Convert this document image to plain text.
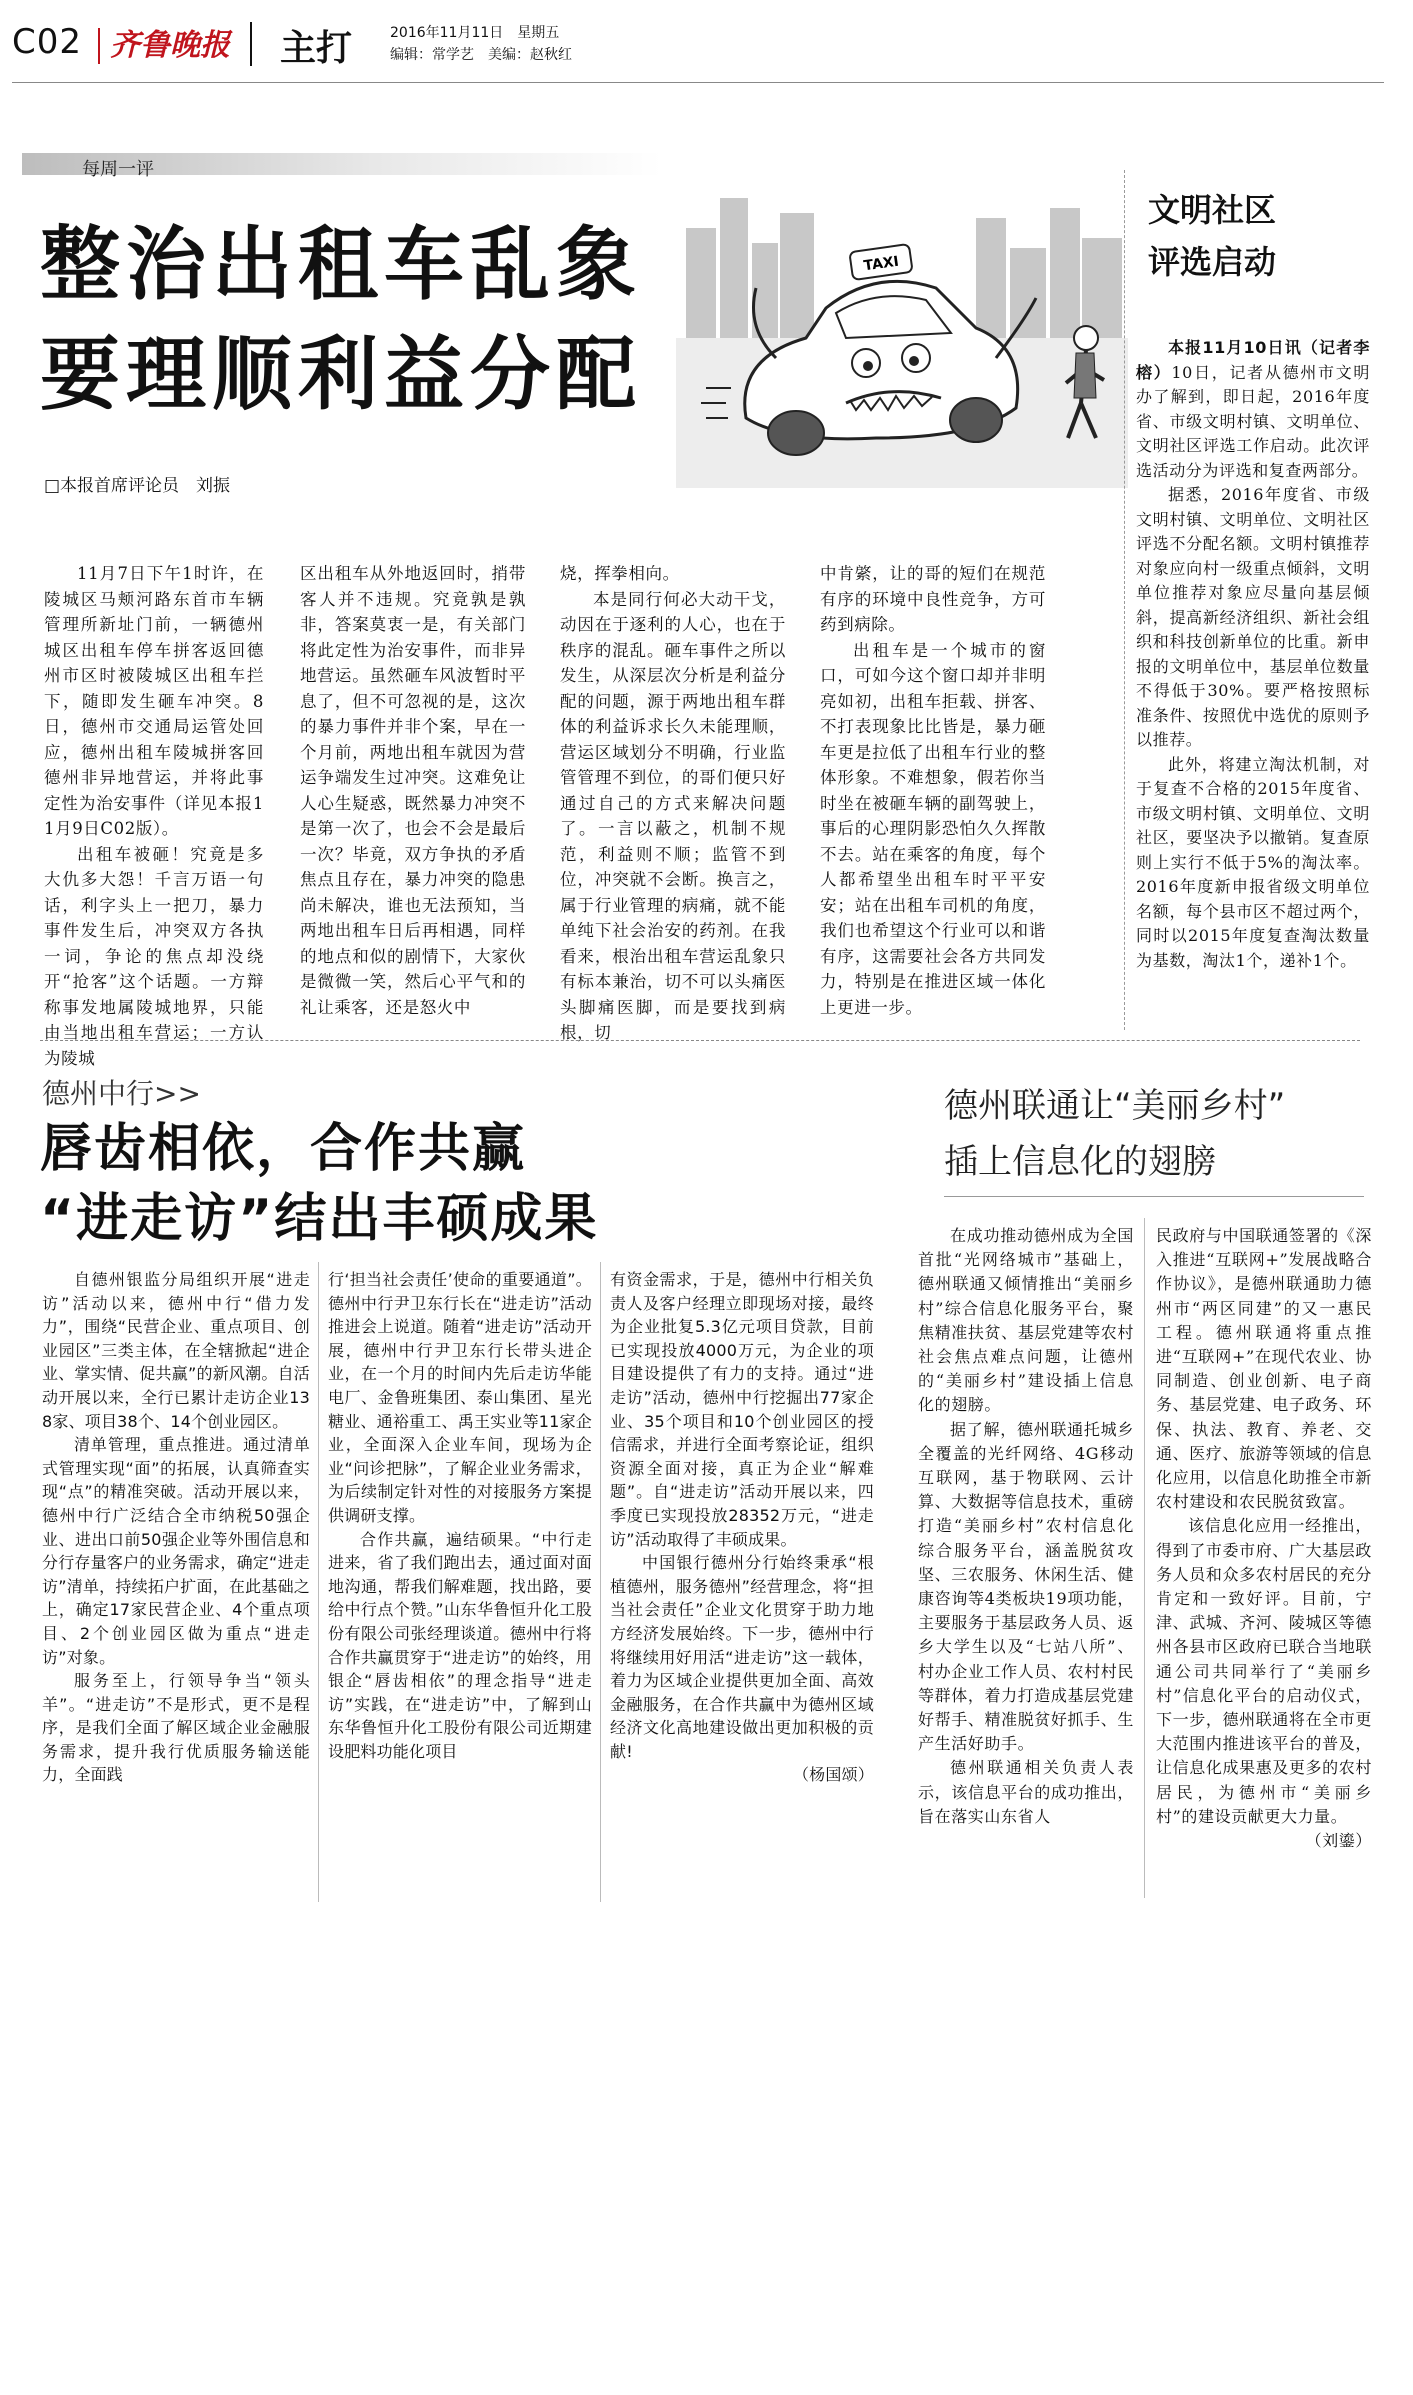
C02 齐鲁晚报 主打	2016年11月11日　星期五
编辑：常学艺　美编：赵秋红
每周一评
整治出租车乱象
要理顺利益分配
TAXI
□本报首席评论员　刘振

11月7日下午1时许，在陵城区马颊河路东首市车辆管理所新址门前，一辆德州城区出租车停车拼客返回德州市区时被陵城区出租车拦下，随即发生砸车冲突。8日，德州市交通局运管处回应，德州出租车陵城拼客回德州非异地营运，并将此事定性为治安事件（详见本报11月9日C02版）。

出租车被砸！究竟是多大仇多大怨！千言万语一句话，利字头上一把刀，暴力事件发生后，冲突双方各执一词，争论的焦点却没绕开“抢客”这个话题。一方辩称事发地属陵城地界，只能由当地出租车营运；一方认为陵城

区出租车从外地返回时，捎带客人并不违规。究竟孰是孰非，答案莫衷一是，有关部门将此定性为治安事件，而非异地营运。虽然砸车风波暂时平息了，但不可忽视的是，这次的暴力事件并非个案，早在一个月前，两地出租车就因为营运争端发生过冲突。这难免让人心生疑惑，既然暴力冲突不是第一次了，也会不会是最后一次？毕竟，双方争执的矛盾焦点且存在，暴力冲突的隐患尚未解决，谁也无法预知，当两地出租车日后再相遇，同样的地点和似的剧情下，大家伙是微微一笑，然后心平气和的礼让乘客，还是怒火中

烧，挥拳相向。

本是同行何必大动干戈，动因在于逐利的人心，也在于秩序的混乱。砸车事件之所以发生，从深层次分析是利益分配的问题，源于两地出租车群体的利益诉求长久未能理顺，营运区域划分不明确，行业监管管理不到位，的哥们便只好通过自己的方式来解决问题了。一言以蔽之，机制不规范，利益则不顺；监管不到位，冲突就不会断。换言之，属于行业管理的病痛，就不能单纯下社会治安的药剂。在我看来，根治出租车营运乱象只有标本兼治，切不可以头痛医头脚痛医脚，而是要找到病根，切

中肯綮，让的哥的短们在规范有序的环境中良性竞争，方可药到病除。

出租车是一个城市的窗口，可如今这个窗口却并非明亮如初，出租车拒载、拼客、不打表现象比比皆是，暴力砸车更是拉低了出租车行业的整体形象。不难想象，假若你当时坐在被砸车辆的副驾驶上，事后的心理阴影恐怕久久挥散不去。站在乘客的角度，每个人都希望坐出租车时平平安安；站在出租车司机的角度，我们也希望这个行业可以和谐有序，这需要社会各方共同发力，特别是在推进区域一体化上更进一步。

文明社区
评选启动

本报11月10日讯（记者李榕）10日，记者从德州市文明办了解到，即日起，2016年度省、市级文明村镇、文明单位、文明社区评选工作启动。此次评选活动分为评选和复查两部分。

据悉，2016年度省、市级文明村镇、文明单位、文明社区评选不分配名额。文明村镇推荐对象应向村一级重点倾斜，文明单位推荐对象应尽量向基层倾斜，提高新经济组织、新社会组织和科技创新单位的比重。新申报的文明单位中，基层单位数量不得低于30%。要严格按照标准条件、按照优中选优的原则予以推荐。

此外，将建立淘汰机制，对于复查不合格的2015年度省、市级文明村镇、文明单位、文明社区，要坚决予以撤销。复查原则上实行不低于5%的淘汰率。2016年度新申报省级文明单位名额，每个县市区不超过两个，同时以2015年度复查淘汰数量为基数，淘汰1个，递补1个。

德州中行>>
唇齿相依，合作共赢
“进走访”结出丰硕成果

自德州银监分局组织开展“进走访”活动以来，德州中行“借力发力”，围绕“民营企业、重点项目、创业园区”三类主体，在全辖掀起“进企业、掌实情、促共赢”的新风潮。自活动开展以来，全行已累计走访企业138家、项目38个、14个创业园区。

清单管理，重点推进。通过清单式管理实现“面”的拓展，认真筛查实现“点”的精准突破。活动开展以来，德州中行广泛结合全市纳税50强企业、进出口前50强企业等外围信息和分行存量客户的业务需求，确定“进走访”清单，持续拓户扩面，在此基础之上，确定17家民营企业、4个重点项目、2个创业园区做为重点“进走访”对象。

服务至上，行领导争当“领头羊”。“进走访”不是形式，更不是程序，是我们全面了解区域企业金融服务需求，提升我行优质服务输送能力，全面践

行‘担当社会责任’使命的重要通道”。德州中行尹卫东行长在“进走访”活动推进会上说道。随着“进走访”活动开展，德州中行尹卫东行长带头进企业，在一个月的时间内先后走访华能电厂、金鲁班集团、泰山集团、星光糖业、通裕重工、禹王实业等11家企业，全面深入企业车间，现场为企业“问诊把脉”，了解企业业务需求，为后续制定针对性的对接服务方案提供调研支撑。

合作共赢，遍结硕果。“中行走进来，省了我们跑出去，通过面对面地沟通，帮我们解难题，找出路，要给中行点个赞。”山东华鲁恒升化工股份有限公司张经理谈道。德州中行将合作共赢贯穿于“进走访”的始终，用银企“唇齿相依”的理念指导“进走访”实践，在“进走访”中，了解到山东华鲁恒升化工股份有限公司近期建设肥料功能化项目

有资金需求，于是，德州中行相关负责人及客户经理立即现场对接，最终为企业批复5.3亿元项目贷款，目前已实现投放4000万元，为企业的项目建设提供了有力的支持。通过“进走访”活动，德州中行挖掘出77家企业、35个项目和10个创业园区的授信需求，并进行全面考察论证，组织资源全面对接，真正为企业“解难题”。自“进走访”活动开展以来，四季度已实现投放28352万元，“进走访”活动取得了丰硕成果。

中国银行德州分行始终秉承“根植德州，服务德州”经营理念，将“担当社会责任”企业文化贯穿于助力地方经济发展始终。下一步，德州中行将继续用好用活“进走访”这一载体，着力为区域企业提供更加全面、高效金融服务，在合作共赢中为德州区域经济文化高地建设做出更加积极的贡献!

（杨国颂）
德州联通让“美丽乡村”
插上信息化的翅膀

在成功推动德州成为全国首批“光网络城市”基础上，德州联通又倾情推出“美丽乡村”综合信息化服务平台，聚焦精准扶贫、基层党建等农村社会焦点难点问题，让德州的“美丽乡村”建设插上信息化的翅膀。

据了解，德州联通托城乡全覆盖的光纤网络、4G移动互联网，基于物联网、云计算、大数据等信息技术，重磅打造“美丽乡村”农村信息化综合服务平台，涵盖脱贫攻坚、三农服务、休闲生活、健康咨询等4类板块19项功能，主要服务于基层政务人员、返乡大学生以及“七站八所”、村办企业工作人员、农村村民等群体，着力打造成基层党建好帮手、精准脱贫好抓手、生产生活好助手。

德州联通相关负责人表示，该信息平台的成功推出，旨在落实山东省人

民政府与中国联通签署的《深入推进“互联网+”发展战略合作协议》，是德州联通助力德州市“两区同建”的又一惠民工程。德州联通将重点推进“互联网+”在现代农业、协同制造、创业创新、电子商务、基层党建、电子政务、环保、执法、教育、养老、交通、医疗、旅游等领域的信息化应用，以信息化助推全市新农村建设和农民脱贫致富。

该信息化应用一经推出，得到了市委市府、广大基层政务人员和众多农村居民的充分肯定和一致好评。目前，宁津、武城、齐河、陵城区等德州各县市区政府已联合当地联通公司共同举行了“美丽乡村”信息化平台的启动仪式，下一步，德州联通将在全市更大范围内推进该平台的普及，让信息化成果惠及更多的农村居民，为德州市“美丽乡村”的建设贡献更大力量。

（刘鎏）
